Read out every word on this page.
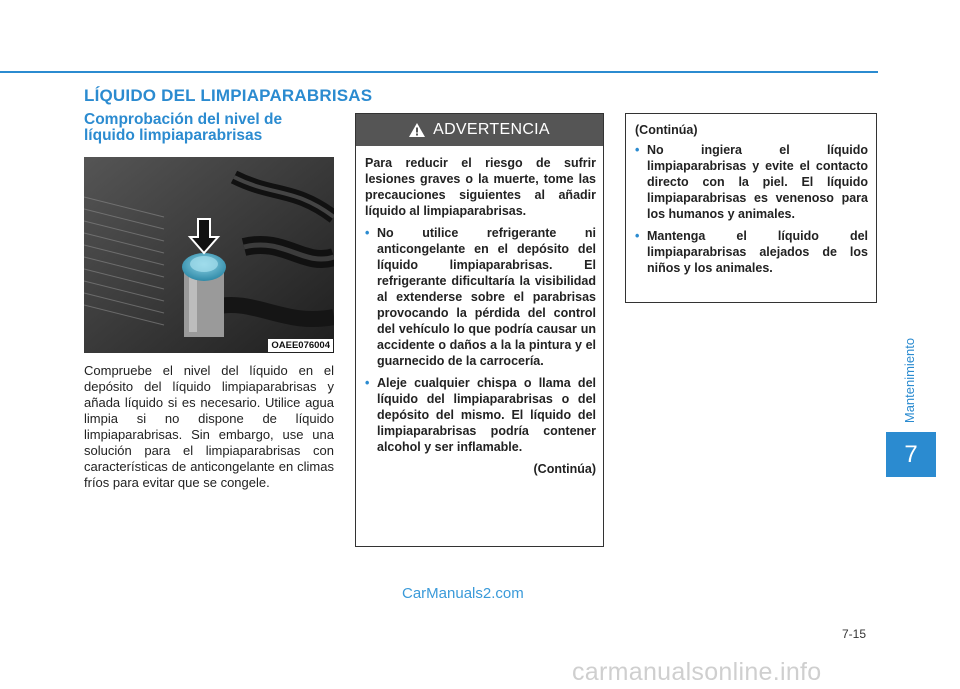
Mantenimiento
7
LÍQUIDO DEL LIMPIAPARABRISAS
Comprobación del nivel de líquido limpiaparabrisas
OAEE076004
Compruebe el nivel del líquido en el depósito del líquido limpiaparabrisas y añada líquido si es necesario. Utilice agua limpia si no dispone de líquido limpiaparabrisas. Sin embargo, use una solución para el limpiaparabrisas con características de anticongelante en climas fríos para evitar que se congele.
ADVERTENCIA

Para reducir el riesgo de sufrir lesiones graves o la muerte, tome las precauciones siguientes al añadir líquido al limpiaparabrisas.

• No utilice refrigerante ni anticongelante en el depósito del líquido limpiaparabrisas. El refrigerante dificultaría la visibilidad al extenderse sobre el parabrisas provocando la pérdida del control del vehículo lo que podría causar un accidente o daños a la la pintura y el guarnecido de la carrocería.
• Aleje cualquier chispa o llama del líquido del limpiaparabrisas o del depósito del mismo. El líquido del limpiaparabrisas podría contener alcohol y ser inflamable.
(Continúa)

(Continúa)

• No ingiera el líquido limpiaparabrisas y evite el contacto directo con la piel. El líquido limpiaparabrisas es venenoso para los humanos y animales.
• Mantenga el líquido del limpiaparabrisas alejados de los niños y los animales.
7-15
CarManuals2.com
carmanualsonline.info
